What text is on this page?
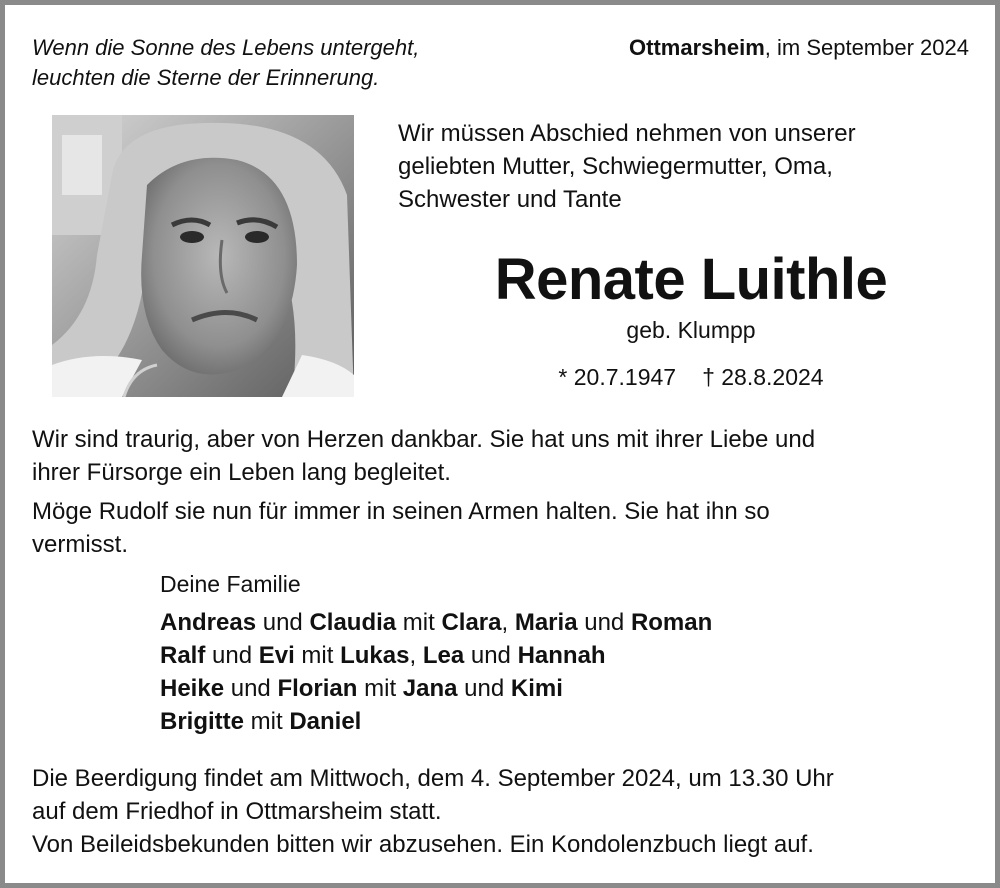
Wenn die Sonne des Lebens untergeht,
leuchten die Sterne der Erinnerung.
Ottmarsheim, im September 2024
Wir müssen Abschied nehmen von unserer
geliebten Mutter, Schwiegermutter, Oma,
Schwester und Tante
Renate Luithle
geb. Klumpp
* 20.7.1947 † 28.8.2024
Wir sind traurig, aber von Herzen dankbar. Sie hat uns mit ihrer Liebe und
ihrer Fürsorge ein Leben lang begleitet.
Möge Rudolf sie nun für immer in seinen Armen halten. Sie hat ihn so
vermisst.
Deine Familie
Andreas und Claudia mit Clara, Maria und Roman
Ralf und Evi mit Lukas, Lea und Hannah
Heike und Florian mit Jana und Kimi
Brigitte mit Daniel
Die Beerdigung findet am Mittwoch, dem 4. September 2024, um 13.30 Uhr
auf dem Friedhof in Ottmarsheim statt.
Von Beileidsbekunden bitten wir abzusehen. Ein Kondolenzbuch liegt auf.
